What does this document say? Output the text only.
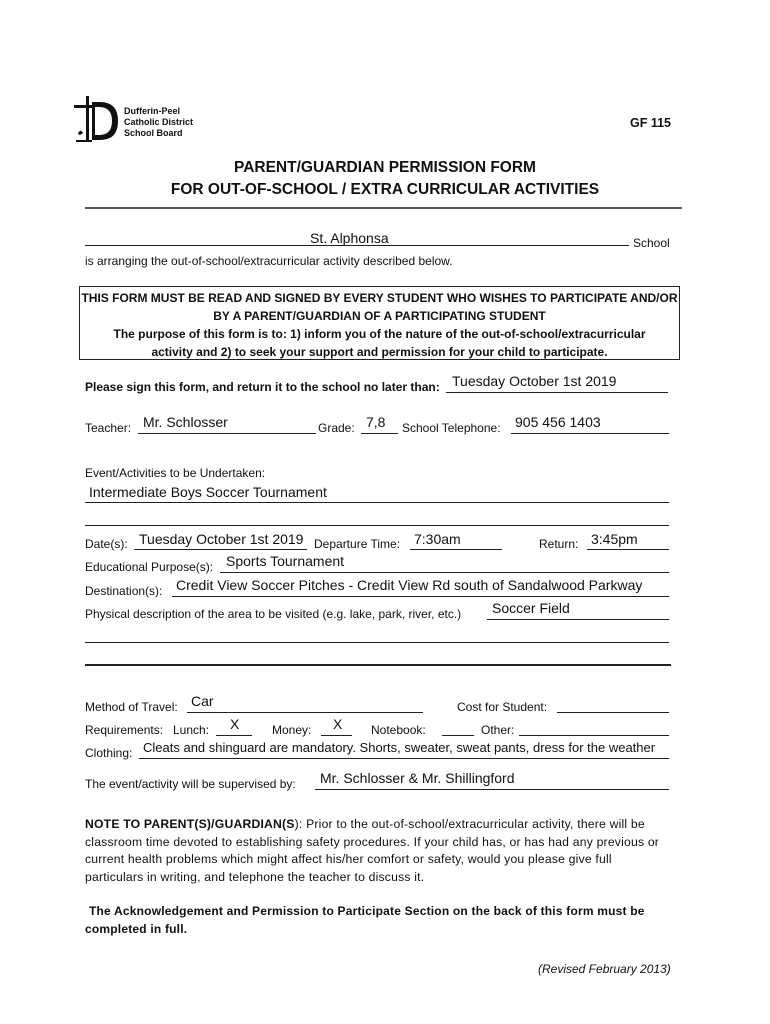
Dufferin-Peel
Catholic District
School Board
GF 115
PARENT/GUARDIAN PERMISSION FORM
FOR OUT-OF-SCHOOL / EXTRA CURRICULAR ACTIVITIES
St. Alphonsa	School
is arranging the out-of-school/extracurricular activity described below.
THIS FORM MUST BE READ AND SIGNED BY EVERY STUDENT WHO WISHES TO PARTICIPATE AND/OR
BY A PARENT/GUARDIAN OF A PARTICIPATING STUDENT
The purpose of this form is to: 1) inform you of the nature of the out-of-school/extracurricular
activity and 2) to seek your support and permission for your child to participate.
Please sign this form, and return it to the school no later than: Tuesday October 1st 2019
Teacher: Mr. Schlosser	Grade: 7,8 School Telephone: 905 456 1403
Event/Activities to be Undertaken:
Intermediate Boys Soccer Tournament
Date(s): Tuesday October 1st 2019 Departure Time: 7:30am	Return: 3:45pm
Educational Purpose(s): Sports Tournament
Destination(s): Credit View Soccer Pitches - Credit View Rd south of Sandalwood Parkway
Physical description of the area to be visited (e.g. lake, park, river, etc.) Soccer Field
Method of Travel: Car	Cost for Student:
Requirements: Lunch: X	Money: X Notebook:	Other:
Clothing: Cleats and shinguard are mandatory. Shorts, sweater, sweat pants, dress for the weather
The event/activity will be supervised by: Mr. Schlosser & Mr. Shillingford
NOTE TO PARENT(S)/GUARDIAN(S): Prior to the out-of-school/extracurricular activity, there will be
classroom time devoted to establishing safety procedures. If your child has, or has had any previous or
current health problems which might affect his/her comfort or safety, would you please give full
particulars in writing, and telephone the teacher to discuss it.
The Acknowledgement and Permission to Participate Section on the back of this form must be
completed in full.
(Revised February 2013)
